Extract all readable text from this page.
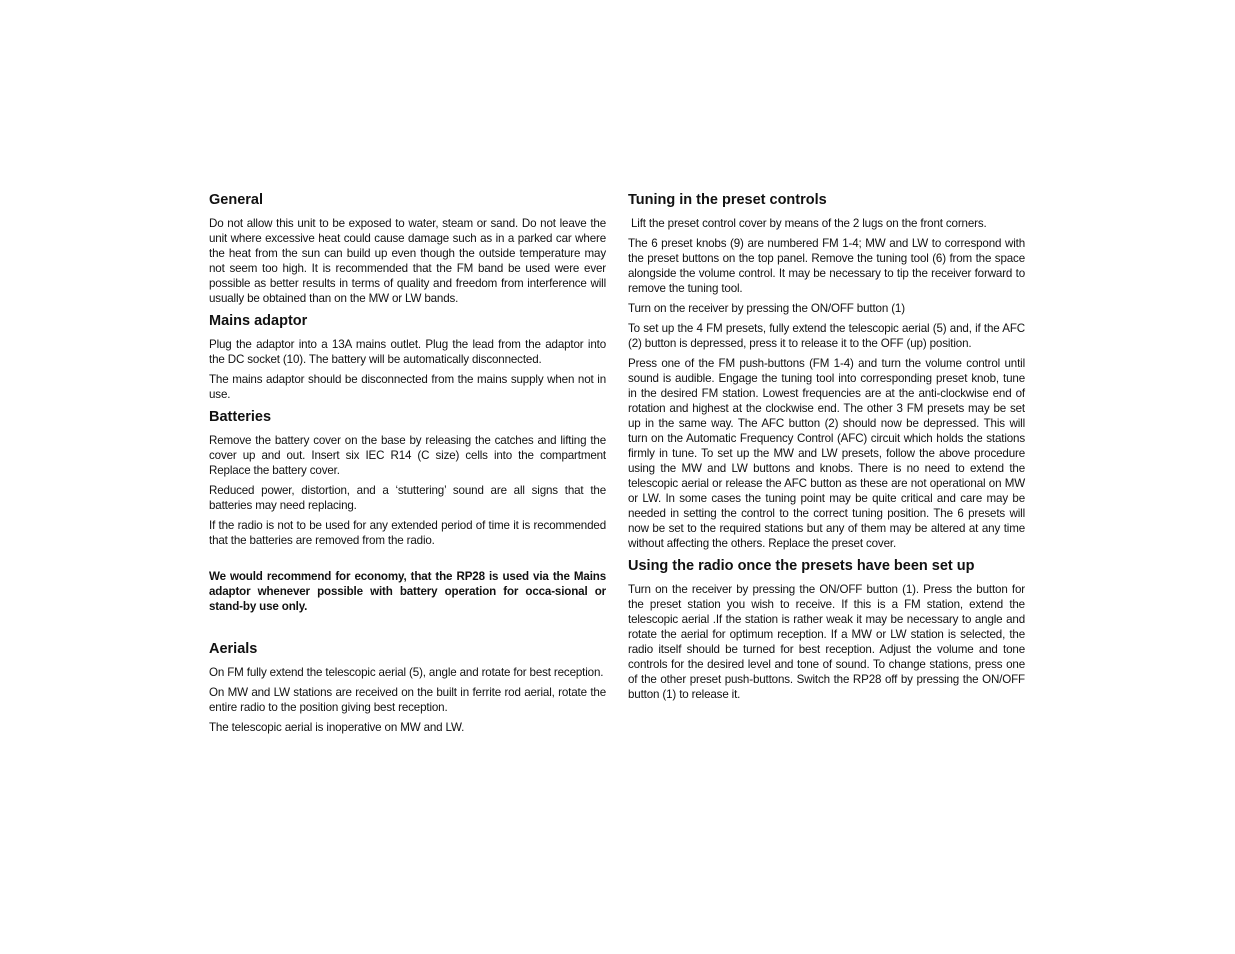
General

Do not allow this unit to be exposed to water, steam or sand. Do not leave the unit where excessive heat could cause damage such as in a parked car where the heat from the sun can build up even though the outside temperature may not seem too high. It is recommended that the FM band be used were ever possible as better results in terms of quality and freedom from interference will usually be obtained than on the MW or LW bands.

Mains adaptor

Plug the adaptor into a 13A mains outlet. Plug the lead from the adaptor into the DC socket (10). The battery will be automatically disconnected.

The mains adaptor should be disconnected from the mains supply when not in use.

Batteries

Remove the battery cover on the base by releasing the catches and lifting the cover up and out. Insert six IEC R14 (C size) cells into the compartment Replace the battery cover.

Reduced power, distortion, and a ‘stuttering’ sound are all signs that the batteries may need replacing.

If the radio is not to be used for any extended period of time it is recommended that the batteries are removed from the radio.

We would recommend for economy, that the RP28 is used via the Mains adaptor whenever possible with battery operation for occa-sional or stand-by use only.

Aerials

On FM fully extend the telescopic aerial (5), angle and rotate for best reception.

On MW and LW stations are received on the built in ferrite rod aerial, rotate the entire radio to the position giving best reception.

The telescopic aerial is inoperative on MW and LW.

Tuning in the preset controls

Lift the preset control cover by means of the 2 lugs on the front corners.

The 6 preset knobs (9) are numbered FM 1-4; MW and LW to correspond with the preset buttons on the top panel. Remove the tuning tool (6) from the space alongside the volume control. It may be necessary to tip the receiver forward to remove the tuning tool.

Turn on the receiver by pressing the ON/OFF button (1)

To set up the 4 FM presets, fully extend the telescopic aerial (5) and, if the AFC (2) button is depressed, press it to release it to the OFF (up) position.

Press one of the FM push-buttons (FM 1-4) and turn the volume control until sound is audible. Engage the tuning tool into corresponding preset knob, tune in the desired FM station. Lowest frequencies are at the anti-clockwise end of rotation and highest at the clockwise end. The other 3 FM presets may be set up in the same way. The AFC button (2) should now be depressed. This will turn on the Automatic Frequency Control (AFC) circuit which holds the stations firmly in tune. To set up the MW and LW presets, follow the above procedure using the MW and LW buttons and knobs. There is no need to extend the telescopic aerial or release the AFC button as these are not operational on MW or LW. In some cases the tuning point may be quite critical and care may be needed in setting the control to the correct tuning position. The 6 presets will now be set to the required stations but any of them may be altered at any time without affecting the others. Replace the preset cover.

Using the radio once the presets have been set up

Turn on the receiver by pressing the ON/OFF button (1). Press the button for the preset station you wish to receive. If this is a FM station, extend the telescopic aerial .If the station is rather weak it may be necessary to angle and rotate the aerial for optimum reception. If a MW or LW station is selected, the radio itself should be turned for best reception. Adjust the volume and tone controls for the desired level and tone of sound. To change stations, press one of the other preset push-buttons. Switch the RP28 off by pressing the ON/OFF button (1) to release it.
